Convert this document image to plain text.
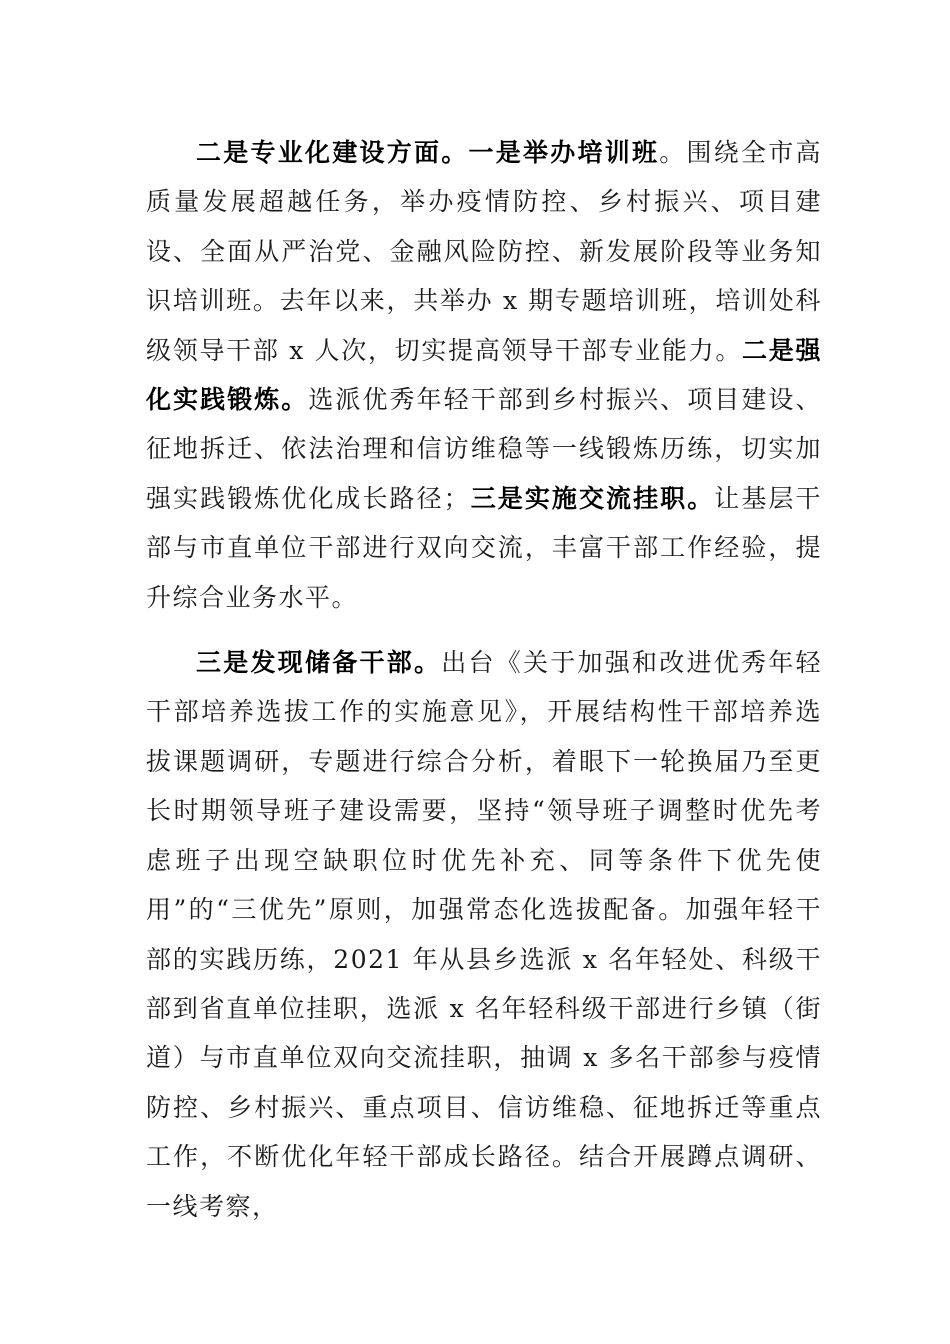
二是专业化建设方面。一是举办培训班。围绕全市高质量发展超越任务，举办疫情防控、乡村振兴、项目建设、全面从严治党、金融风险防控、新发展阶段等业务知识培训班。去年以来，共举办 x 期专题培训班，培训处科级领导干部 x 人次，切实提高领导干部专业能力。二是强化实践锻炼。选派优秀年轻干部到乡村振兴、项目建设、征地拆迁、依法治理和信访维稳等一线锻炼历练，切实加强实践锻炼优化成长路径；三是实施交流挂职。让基层干部与市直单位干部进行双向交流，丰富干部工作经验，提升综合业务水平。

三是发现储备干部。出台《关于加强和改进优秀年轻干部培养选拔工作的实施意见》，开展结构性干部培养选拔课题调研，专题进行综合分析，着眼下一轮换届乃至更长时期领导班子建设需要，坚持“领导班子调整时优先考虑班子出现空缺职位时优先补充、同等条件下优先使用”的“三优先”原则，加强常态化选拔配备。加强年轻干部的实践历练，2021 年从县乡选派 x 名年轻处、科级干部到省直单位挂职，选派 x 名年轻科级干部进行乡镇（街道）与市直单位双向交流挂职，抽调 x 多名干部参与疫情防控、乡村振兴、重点项目、信访维稳、征地拆迁等重点工作，不断优化年轻干部成长路径。结合开展蹲点调研、一线考察，
